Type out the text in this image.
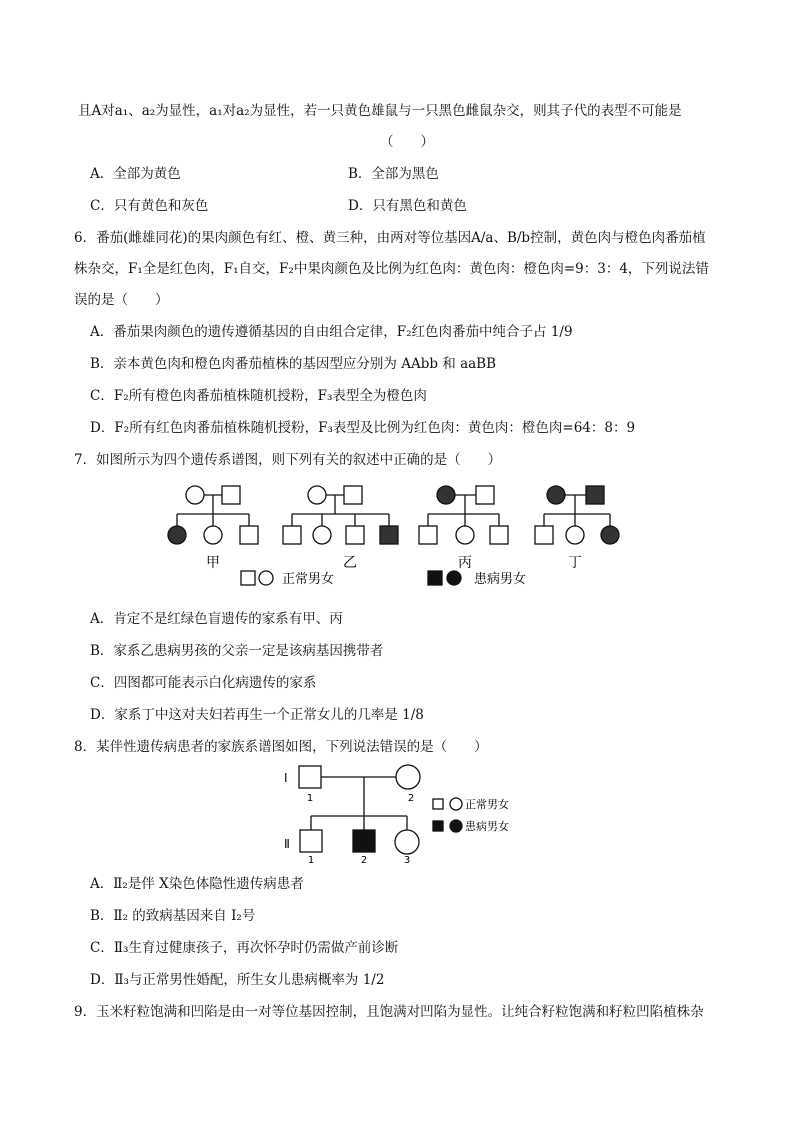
且A对a₁、a₂为显性，a₁对a₂为显性，若一只黄色雄鼠与一只黑色雌鼠杂交，则其子代的表型不可能是
（　　）
A．全部为黄色	B．全部为黑色
C．只有黄色和灰色	D．只有黑色和黄色
6．番茄(雌雄同花)的果肉颜色有红、橙、黄三种，由两对等位基因A/a、B/b控制，黄色肉与橙色肉番茄植
株杂交，F₁全是红色肉，F₁自交，F₂中果肉颜色及比例为红色肉：黄色肉：橙色肉=9：3：4，下列说法错
误的是（　　）
A．番茄果肉颜色的遗传遵循基因的自由组合定律，F₂红色肉番茄中纯合子占 1/9
B．亲本黄色肉和橙色肉番茄植株的基因型应分别为 AAbb 和 aaBB
C．F₂所有橙色肉番茄植株随机授粉，F₃表型全为橙色肉
D．F₂所有红色肉番茄植株随机授粉，F₃表型及比例为红色肉：黄色肉：橙色肉=64：8：9
7．如图所示为四个遗传系谱图，则下列有关的叙述中正确的是（　　）
甲	乙	丙	丁
正常男女	患病男女
A．肯定不是红绿色盲遗传的家系有甲、丙
B．家系乙患病男孩的父亲一定是该病基因携带者
C．四图都可能表示白化病遗传的家系
D．家系丁中这对夫妇若再生一个正常女儿的几率是 1/8
8．某伴性遗传病患者的家族系谱图如图，下列说法错误的是（　　）
Ⅰ
Ⅱ
1	2
1	2	3
正常男女
患病男女
A．Ⅱ₂是伴 X染色体隐性遗传病患者
B．Ⅱ₂ 的致病基因来自 Ⅰ₂号
C．Ⅱ₃生育过健康孩子，再次怀孕时仍需做产前诊断
D．Ⅱ₃与正常男性婚配，所生女儿患病概率为 1/2
9．玉米籽粒饱满和凹陷是由一对等位基因控制，且饱满对凹陷为显性。让纯合籽粒饱满和籽粒凹陷植株杂
